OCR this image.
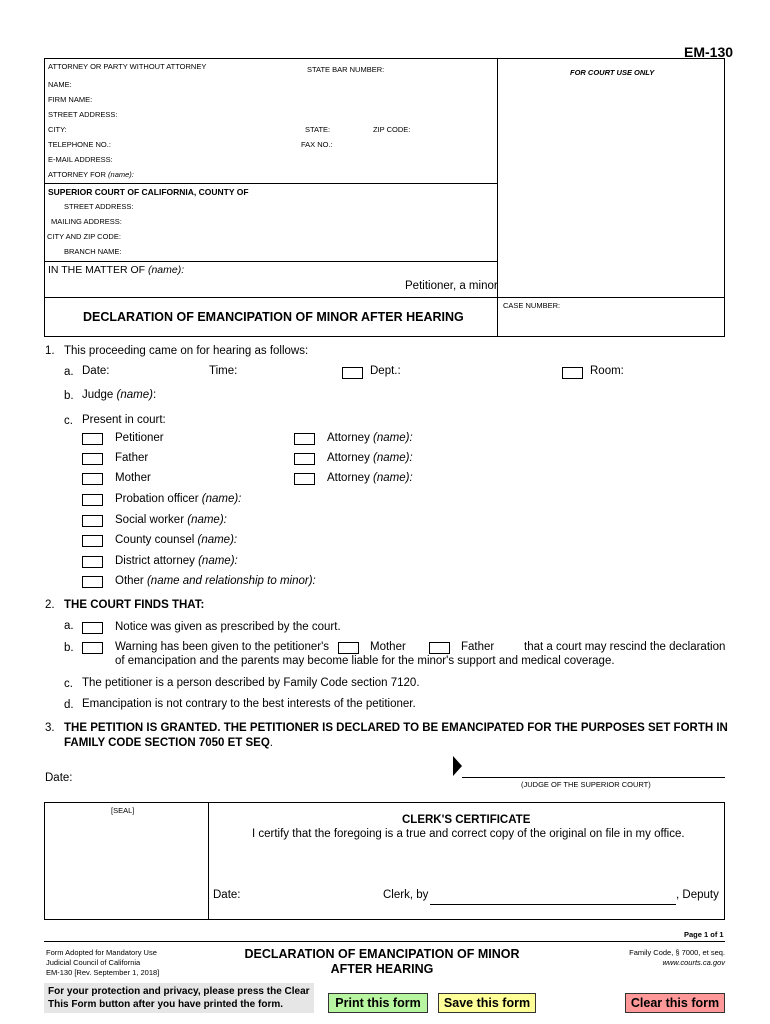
EM-130
ATTORNEY OR PARTY WITHOUT ATTORNEY	STATE BAR NUMBER:	FOR COURT USE ONLY
NAME:
FIRM NAME:
STREET ADDRESS:
CITY:	STATE:	ZIP CODE:
TELEPHONE NO.:	FAX NO.:
E-MAIL ADDRESS:
ATTORNEY FOR (name):
SUPERIOR COURT OF CALIFORNIA, COUNTY OF
STREET ADDRESS:
MAILING ADDRESS:
CITY AND ZIP CODE:
BRANCH NAME:
IN THE MATTER OF (name):
Petitioner, a minor
DECLARATION OF EMANCIPATION OF MINOR AFTER HEARING
CASE NUMBER:
1. This proceeding came on for hearing as follows:
a. Date:	Time:	Dept.:	Room:
b. Judge (name):
c. Present in court:
Petitioner	Attorney (name):
Father	Attorney (name):
Mother	Attorney (name):
Probation officer (name):
Social worker (name):
County counsel (name):
District attorney (name):
Other (name and relationship to minor):
2. THE COURT FINDS THAT:
a.	Notice was given as prescribed by the court.
b.	Warning has been given to the petitioner's	Mother	Father	that a court may rescind the declaration
of emancipation and the parents may become liable for the minor's support and medical coverage.
c. The petitioner is a person described by Family Code section 7120.
d. Emancipation is not contrary to the best interests of the petitioner.
3. THE PETITION IS GRANTED. THE PETITIONER IS DECLARED TO BE EMANCIPATED FOR THE PURPOSES SET FORTH IN
FAMILY CODE SECTION 7050 ET SEQ.
Date:
(JUDGE OF THE SUPERIOR COURT)
[SEAL]
CLERK'S CERTIFICATE
I certify that the foregoing is a true and correct copy of the original on file in my office.
Date:	Clerk, by	, Deputy
Page 1 of 1
Form Adopted for Mandatory Use
Judicial Council of California
EM-130 [Rev. September 1, 2018]
DECLARATION OF EMANCIPATION OF MINOR
AFTER HEARING
Family Code, § 7000, et seq.
www.courts.ca.gov
For your protection and privacy, please press the Clear
This Form button after you have printed the form.	Print this form	Save this form	Clear this form
